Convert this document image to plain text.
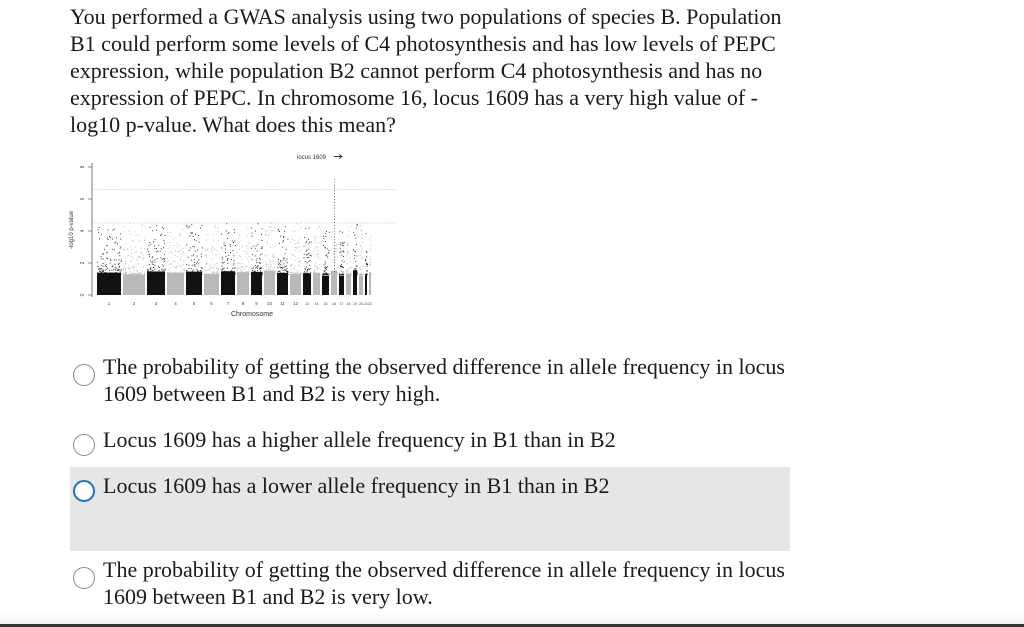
You performed a GWAS analysis using two populations of species B. Population B1 could perform some levels of C4 photosynthesis and has low levels of PEPC expression, while population B2 cannot perform C4 photosynthesis and has no expression of PEPC. In chromosome 16, locus 1609 has a very high value of -log10 p-value. What does this mean?
-log10 p-value
0
2
4
6
8
1	2	3	4	5	6	7	8 9 10 11 12 13 14 15 16 17 18 19 20 21 22
Chromosome
locus 1609
The probability of getting the observed difference in allele frequency in locus 1609 between B1 and B2 is very high.
Locus 1609 has a higher allele frequency in B1 than in B2
Locus 1609 has a lower allele frequency in B1 than in B2
The probability of getting the observed difference in allele frequency in locus 1609 between B1 and B2 is very low.
